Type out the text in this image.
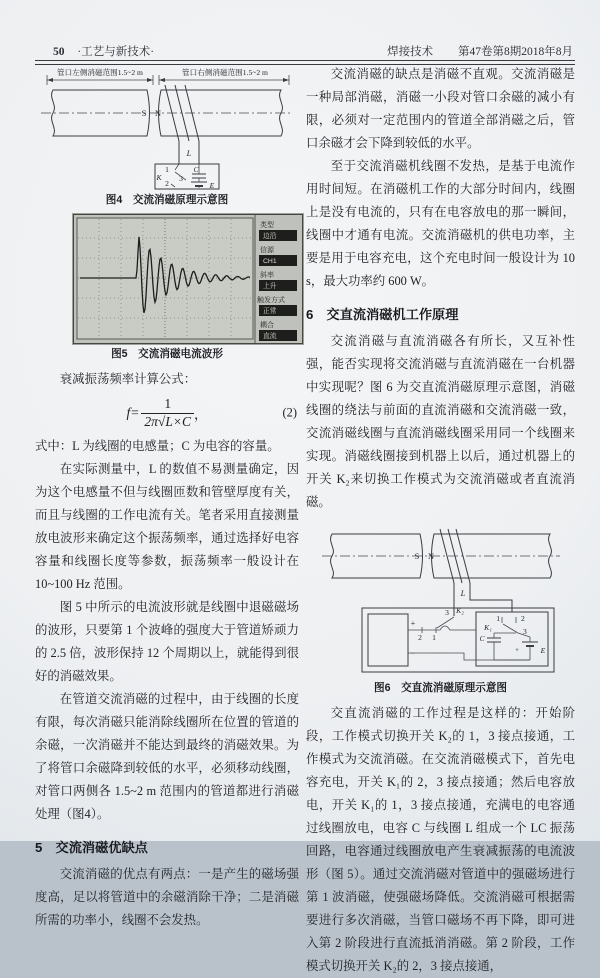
50 ·工艺与新技术·	焊接技术 第47卷第8期2018年8月
管口左侧消磁范围1.5~2 m	管口右侧消磁范围1.5~2 m
S N
L
1
K
2
3
C
E
图4　交流消磁原理示意图
类型
边沿
信源
CH1
斜率
上升
触发方式
正常
耦合
直流
图5　交流消磁电流波形

衰减振荡频率计算公式：

$f= \frac{1}{2\pi√L\times C}$ ，	(2)

式中：L 为线圈的电感量；C 为电容的容量。

在实际测量中，L 的数值不易测量确定，因为这个电感量不但与线圈匝数和管壁厚度有关，而且与线圈的工作电流有关。笔者采用直接测量放电波形来确定这个振荡频率，通过选择好电容容量和线圈长度等参数，振荡频率一般设计在 10~100 Hz 范围。

图 5 中所示的电流波形就是线圈中退磁磁场的波形，只要第 1 个波峰的强度大于管道矫顽力的 2.5 倍，波形保持 12 个周期以上，就能得到很好的消磁效果。

在管道交流消磁的过程中，由于线圈的长度有限，每次消磁只能消除线圈所在位置的管道的余磁，一次消磁并不能达到最终的消磁效果。为了将管口余磁降到较低的水平，必须移动线圈，对管口两侧各 1.5~2 m 范围内的管道都进行消磁处理（图4）。

5　交流消磁优缺点

交流消磁的优点有两点：一是产生的磁场强度高，足以将管道中的余磁消除干净；二是消磁所需的功率小，线圈不会发热。

交流消磁的缺点是消磁不直观。交流消磁是一种局部消磁，消磁一小段对管口余磁的减小有限，必须对一定范围内的管道全部消磁之后，管口余磁才会下降到较低的水平。

至于交流消磁机线圈不发热，是基于电流作用时间短。在消磁机工作的大部分时间内，线圈上是没有电流的，只有在电容放电的那一瞬间，线圈中才通有电流。交流消磁机的供电功率，主要是用于电容充电，这个充电时间一般设计为 10 s，最大功率约 600 W。

6　交直流消磁机工作原理

交流消磁与直流消磁各有所长，又互补性强，能否实现将交流消磁与直流消磁在一台机器中实现呢？图 6 为交直流消磁原理示意图，消磁线圈的绕法与前面的直流消磁和交流消磁一致，交流消磁线圈与直流消磁线圈采用同一个线圈来实现。消磁线圈接到机器上以后，通过机器上的开关 K₂来切换工作模式为交流消磁或者直流消磁。

S N
L
+
−
2 1
3 K₂
1	2
K₁	3
C
+	E
图6　交直流消磁原理示意图

交直流消磁的工作过程是这样的：开始阶段，工作模式切换开关 K₂的 1，3 接点接通，工作模式为交流消磁。在交流消磁模式下，首先电容充电，开关 K₁的 2，3 接点接通；然后电容放电，开关 K₁的 1，3 接点接通，充满电的电容通过线圈放电，电容 C 与线圈 L 组成一个 LC 振荡回路，电容通过线圈放电产生衰减振荡的电流波形（图 5）。通过交流消磁对管道中的强磁场进行第 1 波消磁，使强磁场降低。交流消磁可根据需要进行多次消磁，当管口磁场不再下降，即可进入第 2 阶段进行直流抵消消磁。第 2 阶段，工作模式切换开关 K₂的 2，3 接点接通，
